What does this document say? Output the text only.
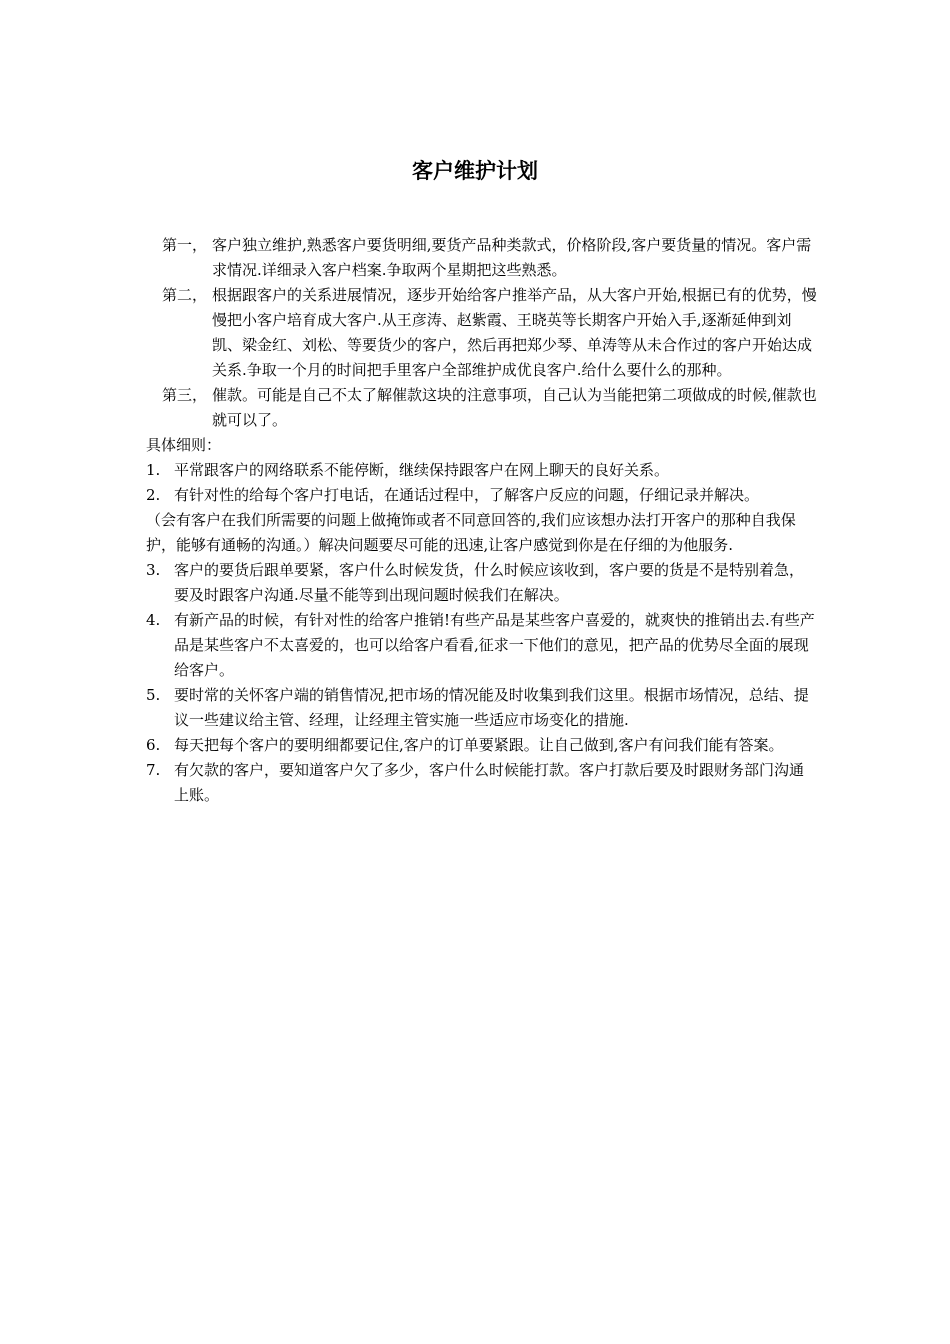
客户维护计划
第一， 客户独立维护,熟悉客户要货明细,要货产品种类款式，价格阶段,客户要货量的情况。客户需求情况.详细录入客户档案.争取两个星期把这些熟悉。
第二， 根据跟客户的关系进展情况，逐步开始给客户推举产品，从大客户开始,根据已有的优势，慢慢把小客户培育成大客户.从王彦涛、赵紫霞、王晓英等长期客户开始入手,逐渐延伸到刘凯、梁金红、刘松、等要货少的客户，然后再把郑少琴、单涛等从未合作过的客户开始达成关系.争取一个月的时间把手里客户全部维护成优良客户.给什么要什么的那种。
第三， 催款。可能是自己不太了解催款这块的注意事项，自己认为当能把第二项做成的时候,催款也就可以了。
具体细则：
1. 平常跟客户的网络联系不能停断，继续保持跟客户在网上聊天的良好关系。
2. 有针对性的给每个客户打电话，在通话过程中，了解客户反应的问题，仔细记录并解决。
（会有客户在我们所需要的问题上做掩饰或者不同意回答的,我们应该想办法打开客户的那种自我保护，能够有通畅的沟通。）解决问题要尽可能的迅速,让客户感觉到你是在仔细的为他服务.
3. 客户的要货后跟单要紧，客户什么时候发货，什么时候应该收到，客户要的货是不是特别着急，要及时跟客户沟通.尽量不能等到出现问题时候我们在解决。
4. 有新产品的时候，有针对性的给客户推销!有些产品是某些客户喜爱的，就爽快的推销出去.有些产品是某些客户不太喜爱的，也可以给客户看看,征求一下他们的意见，把产品的优势尽全面的展现给客户。
5. 要时常的关怀客户端的销售情况,把市场的情况能及时收集到我们这里。根据市场情况，总结、提议一些建议给主管、经理，让经理主管实施一些适应市场变化的措施.
6. 每天把每个客户的要明细都要记住,客户的订单要紧跟。让自己做到,客户有问我们能有答案。
7. 有欠款的客户，要知道客户欠了多少，客户什么时候能打款。客户打款后要及时跟财务部门沟通上账。
